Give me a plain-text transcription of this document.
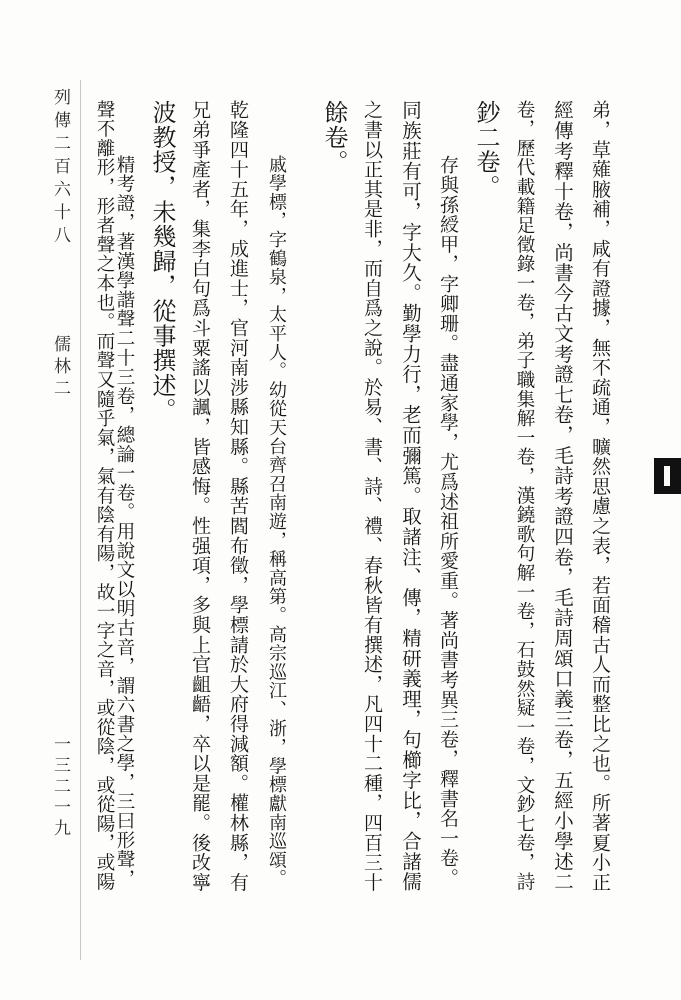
列傳二百六十八
儒林二
一三二一九	弟，草薙腋補，咸有證據，無不疏通，曠然思慮之表，若面稽古人而整比之也。所著夏小正
經傳考釋十卷，尚書今古文考證七卷，毛詩考證四卷，毛詩周頌口義三卷，五經小學述二
卷，歷代載籍足徵錄一卷，弟子職集解一卷，漢鐃歌句解一卷，石鼓然疑一卷，文鈔七卷，詩
鈔二卷。
存與孫綬甲，字卿珊。盡通家學，尤爲述祖所愛重。著尚書考異三卷，釋書名一卷。
同族莊有可，字大久。勤學力行，老而彌篤。取諸注、傳，精研義理，句櫛字比，合諸儒
之書以正其是非，而自爲之說。於易、書、詩、禮、春秋皆有撰述，凡四十二種，四百三十
餘卷。
戚學標，字鶴泉，太平人。幼從天台齊召南遊，稱高第。高宗巡江、浙，學標獻南巡頌。
乾隆四十五年，成進士，官河南涉縣知縣。縣苦閻布徵，學標請於大府得減額。權林縣，有
兄弟爭產者，集李白句爲斗粟謠以諷，皆感悔。性强項，多與上官齟齬，卒以是罷。後改寧
波教授，未幾歸，從事撰述。
精考證，著漢學諧聲二十三卷，總論一卷。用說文以明古音，謂六書之學，三曰形聲，
聲不離形，形者聲之本也。而聲又隨乎氣，氣有陰有陽，故一字之音，或從陰，或從陽，或陽
